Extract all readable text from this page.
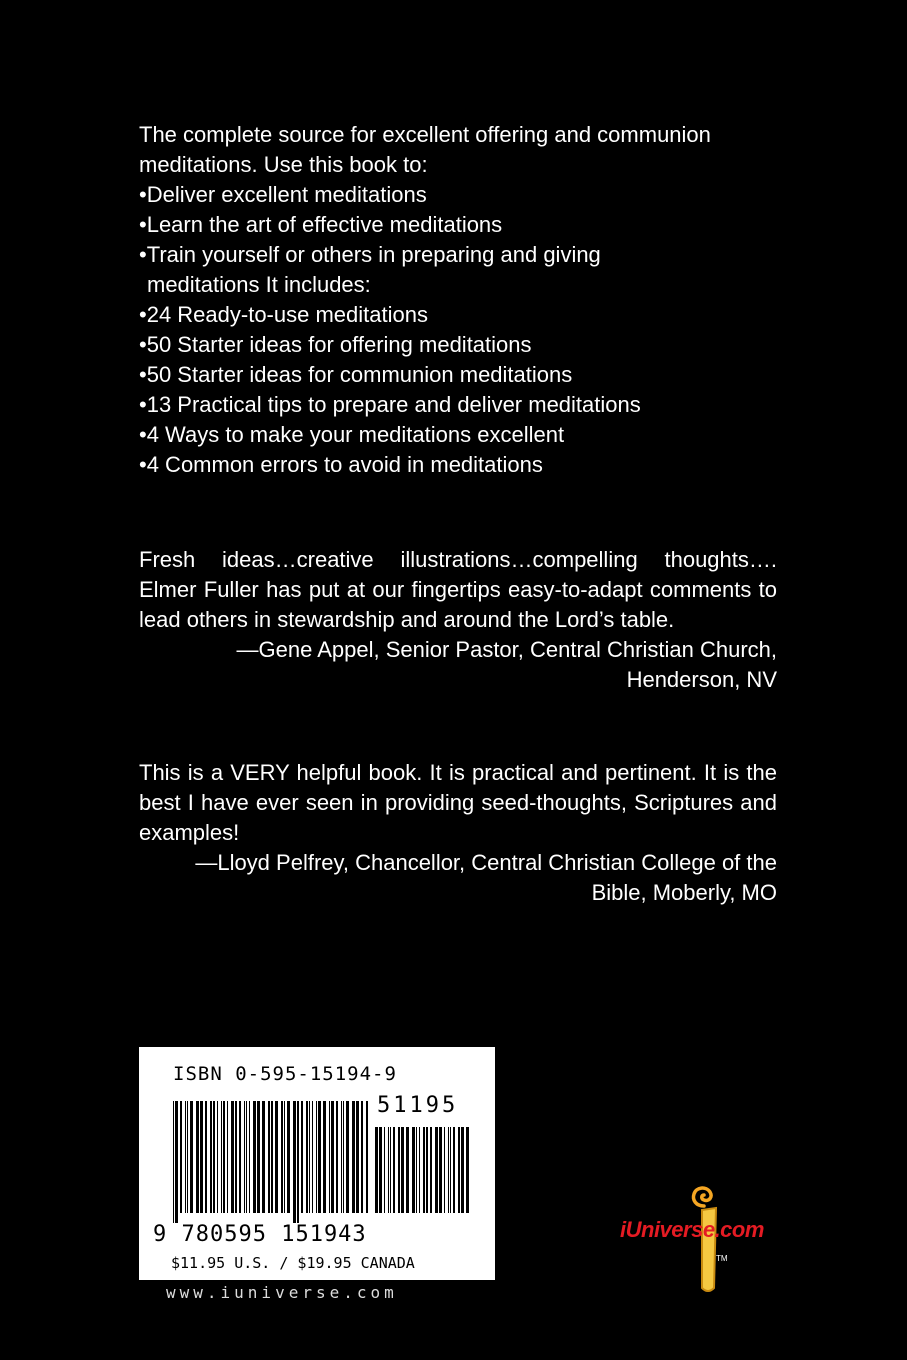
The complete source for excellent offering and communion
meditations. Use this book to:
•Deliver excellent meditations
•Learn the art of effective meditations
•Train yourself or others in preparing and giving
meditations It includes:
•24 Ready-to-use meditations
•50 Starter ideas for offering meditations
•50 Starter ideas for communion meditations
•13 Practical tips to prepare and deliver meditations
•4 Ways to make your meditations excellent
•4 Common errors to avoid in meditations
Fresh ideas…creative illustrations…compelling thoughts…. Elmer Fuller has put at our fingertips easy-to-adapt comments to lead others in stewardship and around the Lord’s table.
—Gene Appel, Senior Pastor, Central Christian Church,
Henderson, NV
This is a VERY helpful book. It is practical and pertinent. It is the best I have ever seen in providing seed-thoughts, Scriptures and examples!
—Lloyd Pelfrey, Chancellor, Central Christian College of the
Bible, Moberly, MO
ISBN 0-595-15194-9
51195
9 780595 151943
$11.95 U.S. / $19.95 CANADA
www.iuniverse.com
iUniverse.com
TM
